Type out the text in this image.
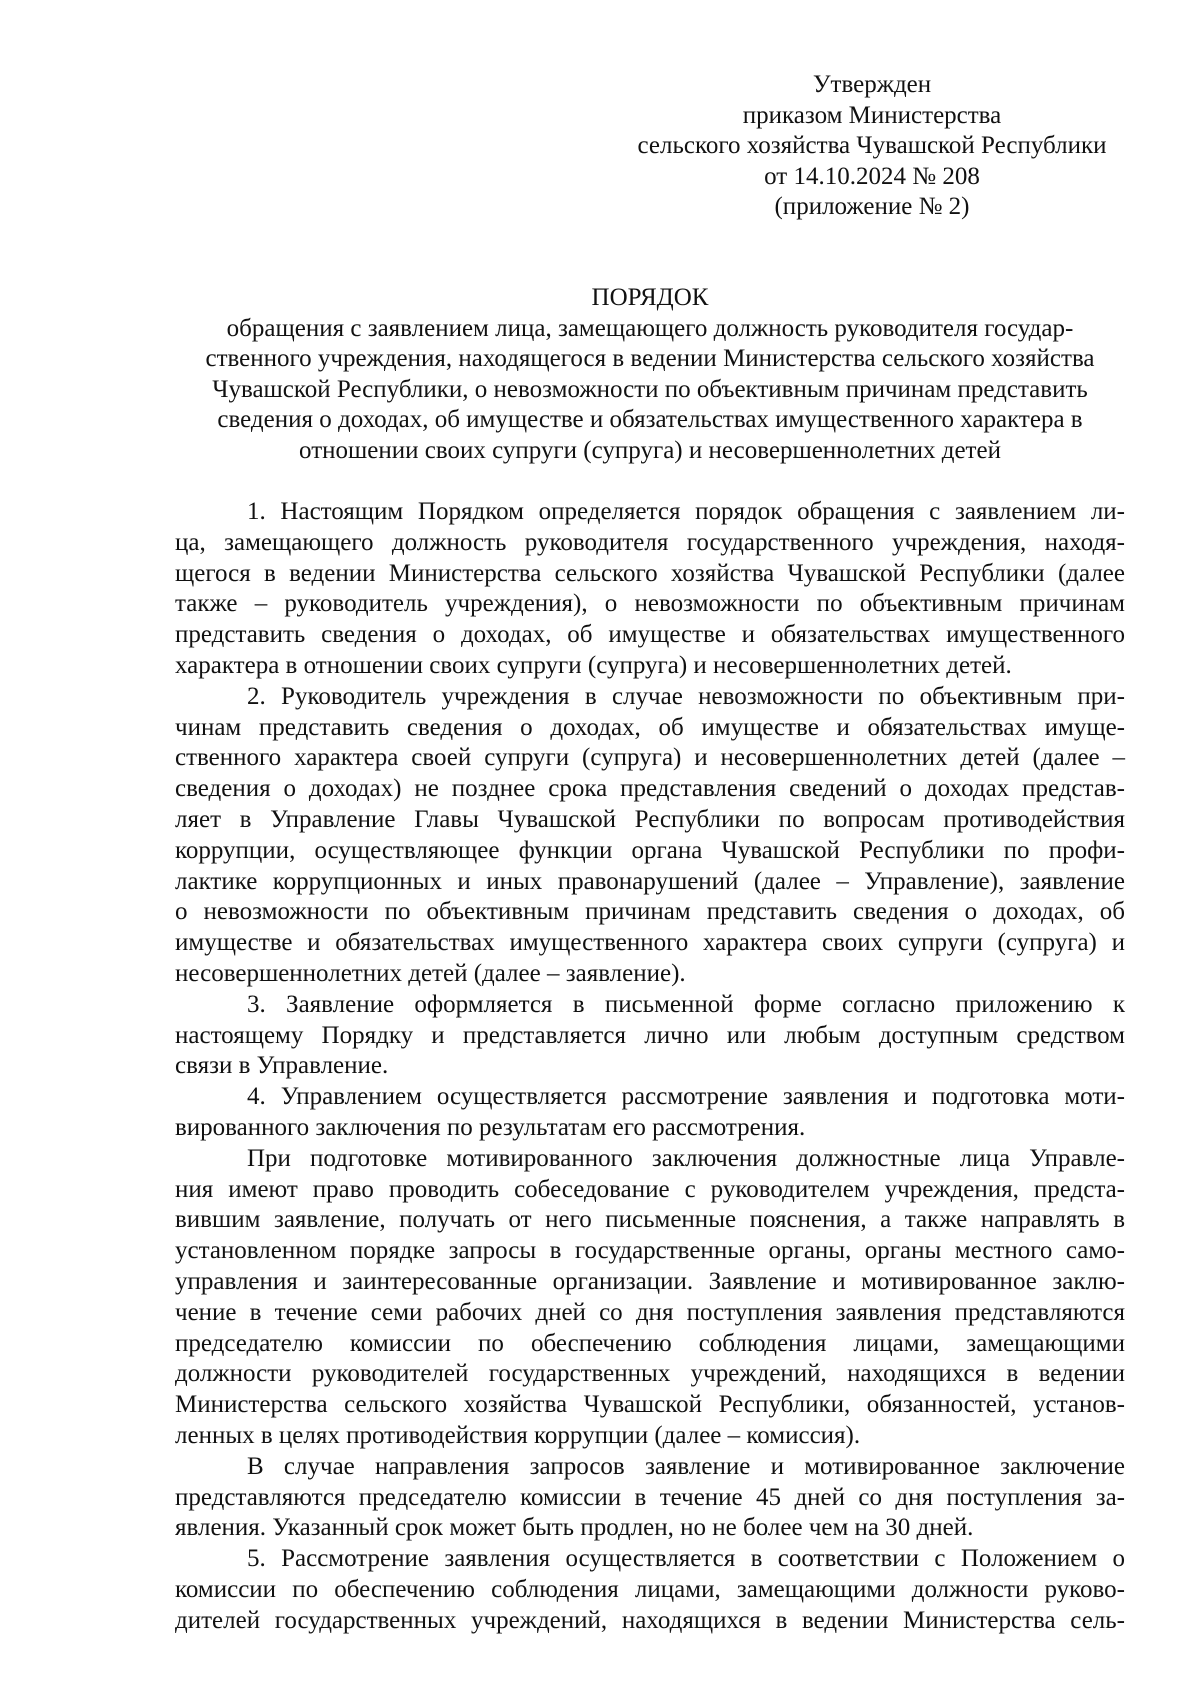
Утвержден
приказом Министерства
сельского хозяйства Чувашской Республики
от 14.10.2024 № 208
(приложение № 2)
ПОРЯДОК
обращения с заявлением лица, замещающего должность руководителя государ-
ственного учреждения, находящегося в ведении Министерства сельского хозяйства
Чувашской Республики, о невозможности по объективным причинам представить
сведения о доходах, об имуществе и обязательствах имущественного характера в
отношении своих супруги (супруга) и несовершеннолетних детей
1. Настоящим Порядком определяется порядок обращения с заявлением ли-
ца, замещающего должность руководителя государственного учреждения, находя-
щегося в ведении Министерства сельского хозяйства Чувашской Республики (далее
также – руководитель учреждения), о невозможности по объективным причинам
представить сведения о доходах, об имуществе и обязательствах имущественного
характера в отношении своих супруги (супруга) и несовершеннолетних детей.
2. Руководитель учреждения в случае невозможности по объективным при-
чинам представить сведения о доходах, об имуществе и обязательствах имуще-
ственного характера своей супруги (супруга) и несовершеннолетних детей (далее –
сведения о доходах) не позднее срока представления сведений о доходах представ-
ляет в Управление Главы Чувашской Республики по вопросам противодействия
коррупции, осуществляющее функции органа Чувашской Республики по профи-
лактике коррупционных и иных правонарушений (далее – Управление), заявление
о невозможности по объективным причинам представить сведения о доходах, об
имуществе и обязательствах имущественного характера своих супруги (супруга) и
несовершеннолетних детей (далее – заявление).
3. Заявление оформляется в письменной форме согласно приложению к
настоящему Порядку и представляется лично или любым доступным средством
связи в Управление.
4. Управлением осуществляется рассмотрение заявления и подготовка моти-
вированного заключения по результатам его рассмотрения.
При подготовке мотивированного заключения должностные лица Управле-
ния имеют право проводить собеседование с руководителем учреждения, предста-
вившим заявление, получать от него письменные пояснения, а также направлять в
установленном порядке запросы в государственные органы, органы местного само-
управления и заинтересованные организации. Заявление и мотивированное заклю-
чение в течение семи рабочих дней со дня поступления заявления представляются
председателю комиссии по обеспечению соблюдения лицами, замещающими
должности руководителей государственных учреждений, находящихся в ведении
Министерства сельского хозяйства Чувашской Республики, обязанностей, установ-
ленных в целях противодействия коррупции (далее – комиссия).
В случае направления запросов заявление и мотивированное заключение
представляются председателю комиссии в течение 45 дней со дня поступления за-
явления. Указанный срок может быть продлен, но не более чем на 30 дней.
5. Рассмотрение заявления осуществляется в соответствии с Положением о
комиссии по обеспечению соблюдения лицами, замещающими должности руково-
дителей государственных учреждений, находящихся в ведении Министерства сель-
